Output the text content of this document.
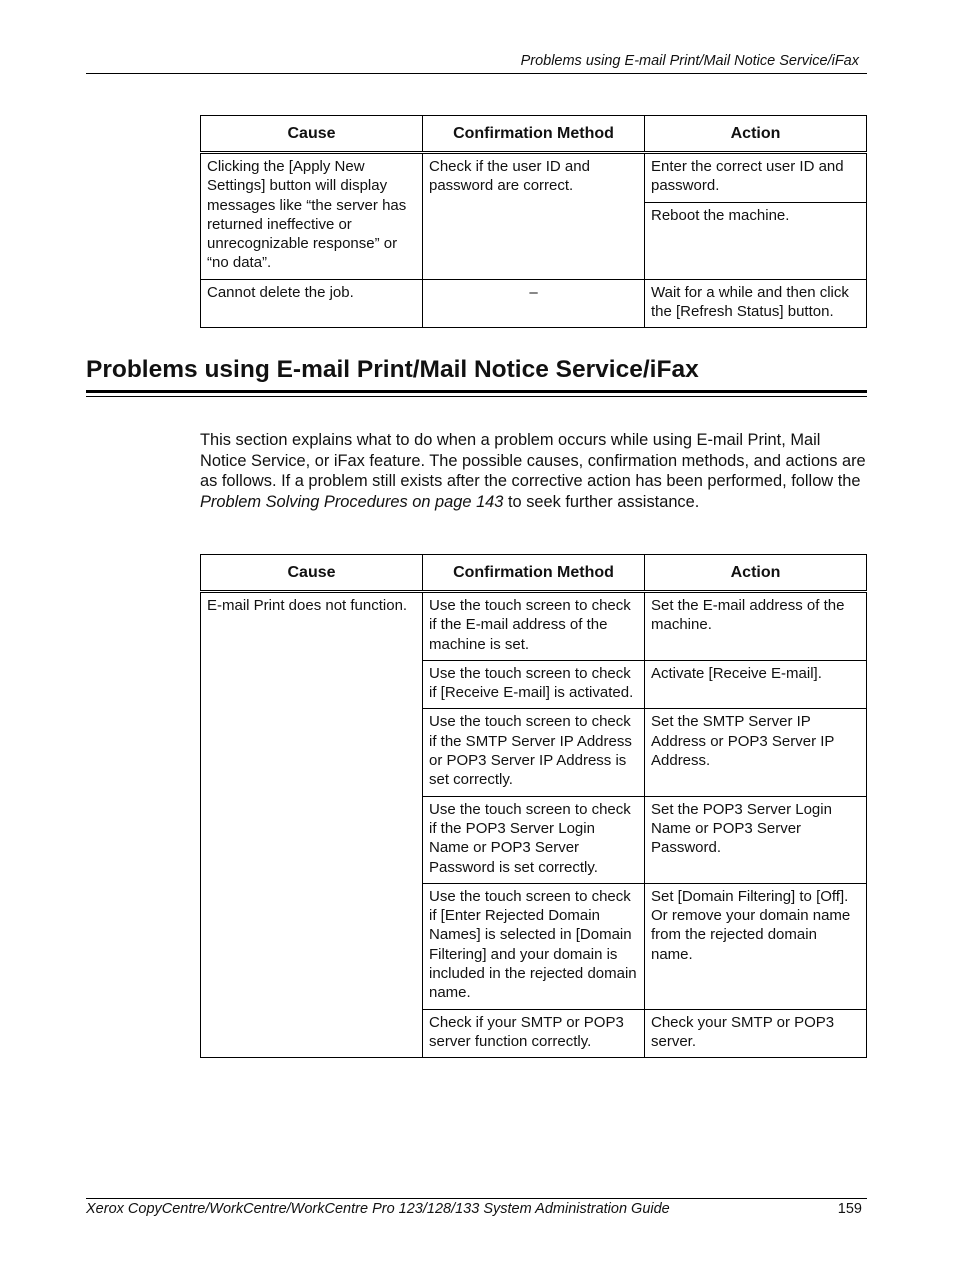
Problems using E-mail Print/Mail Notice Service/iFax
Cause	Confirmation Method	Action
Clicking the [Apply New Settings] button will display messages like “the server has returned ineffective or unrecognizable response” or “no data”.	Check if the user ID and password are correct.	Enter the correct user ID and password.
		Reboot the machine.
Cannot delete the job.	–	Wait for a while and then click the [Refresh Status] button.
Problems using E-mail Print/Mail Notice Service/iFax

This section explains what to do when a problem occurs while using E-mail Print, Mail Notice Service, or iFax feature. The possible causes, confirmation methods, and actions are as follows. If a problem still exists after the corrective action has been performed, follow the Problem Solving Procedures on page 143 to seek further assistance.

Cause	Confirmation Method	Action
E-mail Print does not function.	Use the touch screen to check if the E-mail address of the machine is set.	Set the E-mail address of the machine.
	Use the touch screen to check if [Receive E-mail] is activated.	Activate [Receive E-mail].
	Use the touch screen to check if the SMTP Server IP Address or POP3 Server IP Address is set correctly.	Set the SMTP Server IP Address or POP3 Server IP Address.
	Use the touch screen to check if the POP3 Server Login Name or POP3 Server Password is set correctly.	Set the POP3 Server Login Name or POP3 Server Password.
	Use the touch screen to check if [Enter Rejected Domain Names] is selected in [Domain Filtering] and your domain is included in the rejected domain name.	Set [Domain Filtering] to [Off]. Or remove your domain name from the rejected domain name.
	Check if your SMTP or POP3 server function correctly.	Check your SMTP or POP3 server.
Xerox CopyCentre/WorkCentre/WorkCentre Pro 123/128/133 System Administration Guide	159
